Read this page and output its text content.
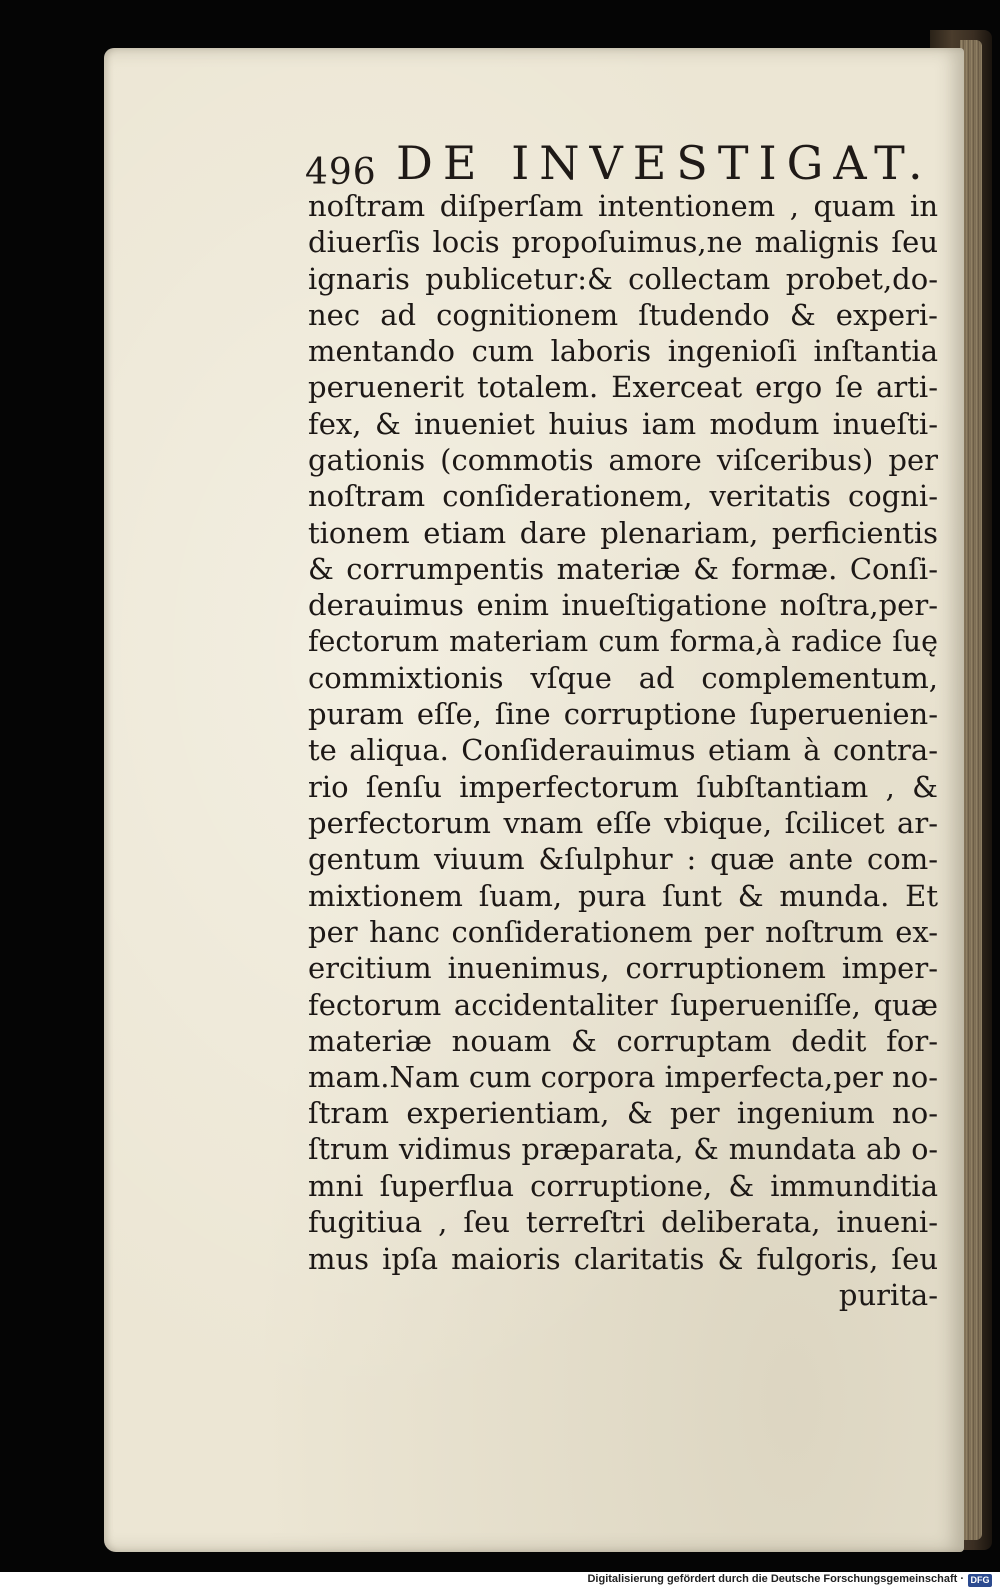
496 DE INVESTIGAT.
noſtram diſperſam intentionem , quam in
diuerſis locis propoſuimus,ne malignis ſeu
ignaris publicetur:& collectam probet,do-
nec ad cognitionem ſtudendo & experi-
mentando cum laboris ingenioſi inſtantia
peruenerit totalem. Exerceat ergo ſe arti-
fex, & inueniet huius iam modum inueſti-
gationis (commotis amore viſceribus) per
noſtram conſiderationem, veritatis cogni-
tionem etiam dare plenariam, perficientis
& corrumpentis materiæ & formæ. Conſi-
derauimus enim inueſtigatione noſtra,per-
fectorum materiam cum forma,à radice ſuę
commixtionis vſque ad complementum,
puram eſſe, ſine corruptione ſuperuenien-
te aliqua. Conſiderauimus etiam à contra-
rio ſenſu imperfectorum ſubſtantiam , &
perfectorum vnam eſſe vbique, ſcilicet ar-
gentum viuum &ſulphur : quæ ante com-
mixtionem ſuam, pura ſunt & munda. Et
per hanc conſiderationem per noſtrum ex-
ercitium inuenimus, corruptionem imper-
fectorum accidentaliter ſuperueniſſe, quæ
materiæ nouam & corruptam dedit for-
mam.Nam cum corpora imperfecta,per no-
ſtram experientiam, & per ingenium no-
ſtrum vidimus præparata, & mundata ab o-
mni ſuperflua corruptione, & immunditia
fugitiua , ſeu terreſtri deliberata, inueni-
mus ipſa maioris claritatis & fulgoris, ſeu
purita-
Digitalisierung gefördert durch die Deutsche Forschungsgemeinschaft · DFG
